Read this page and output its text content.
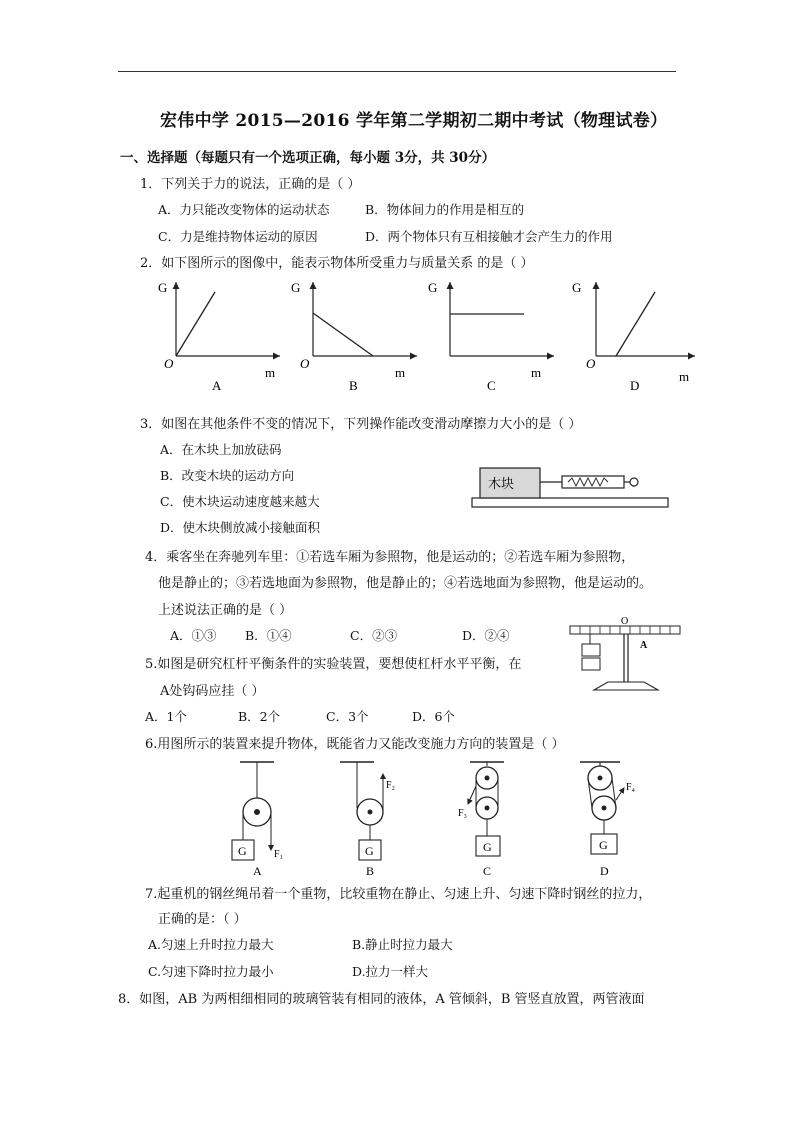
宏伟中学 2015—2016 学年第二学期初二期中考试（物理试卷）
一、选择题（每题只有一个选项正确，每小题 3分，共 30分）
1．下列关于力的说法，正确的是（ ）
A．力只能改变物体的运动状态	B．物体间力的作用是相互的
C．力是维持物体运动的原因	D．两个物体只有互相接触才会产生力的作用
2．如下图所示的图像中，能表示物体所受重力与质量关系 的是（ ）
G
O
m
A
G
O
m
B
G
m
C
G
O
m
D
3．如图在其他条件不变的情况下，下列操作能改变滑动摩擦力大小的是（ ）
A．在木块上加放砝码
B．改变木块的运动方向
C．使木块运动速度越来越大
D．使木块侧放减小接触面积
木块
4．乘客坐在奔驰列车里：①若选车厢为参照物，他是运动的；②若选车厢为参照物，
他是静止的；③若选地面为参照物，他是静止的；④若选地面为参照物，他是运动的。
上述说法正确的是（ ）
A．①③ B．①④	C．②③	D．②④
O
A
5.如图是研究杠杆平衡条件的实验装置，要想使杠杆水平平衡，在
A处钩码应挂（ ）
A．1个	B．2个	C．3个	D．6个
6.用图所示的装置来提升物体，既能省力又能改变施力方向的装置是（ ）
G	F₁
A
F₂
G
B
F₃
G
C
F₄
G
D
7.起重机的钢丝绳吊着一个重物，比较重物在静止、匀速上升、匀速下降时钢丝的拉力，
正确的是：（ ）
A.匀速上升时拉力最大	B.静止时拉力最大
C.匀速下降时拉力最小	D.拉力一样大
8．如图，AB 为两相细相同的玻璃管装有相同的液体，A 管倾斜，B 管竖直放置，两管液面
